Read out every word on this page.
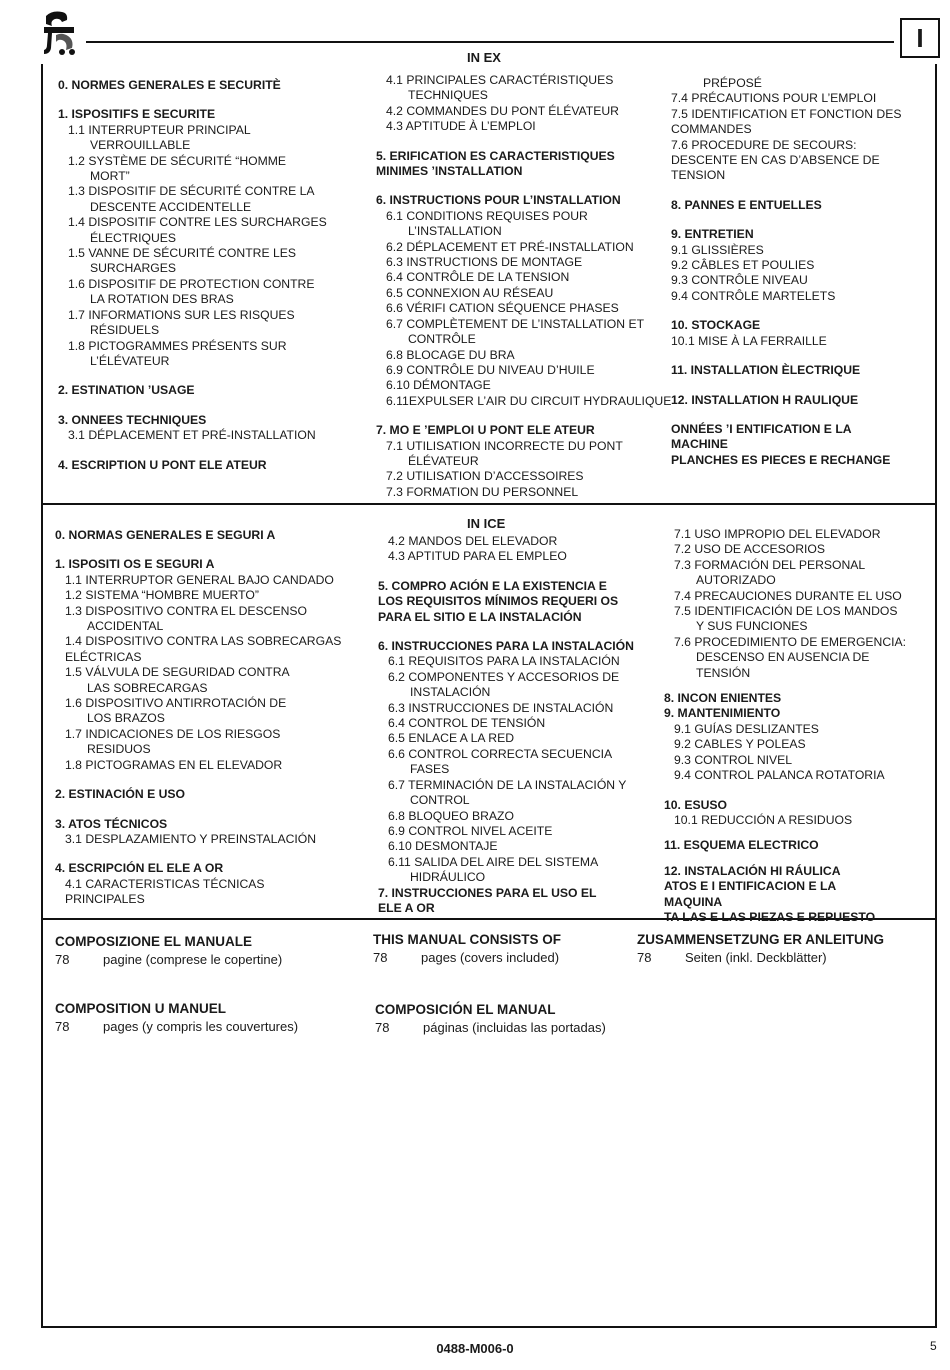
I
IN EX
0. NORMES GENERALES E SECURITÈ
1. ISPOSITIFS E SECURITE
1.1 INTERRUPTEUR PRINCIPAL
VERROUILLABLE
1.2 SYSTÈME DE SÉCURITÉ “HOMME
MORT”
1.3 DISPOSITIF DE SÉCURITÉ CONTRE LA
DESCENTE ACCIDENTELLE
1.4 DISPOSITIF CONTRE LES SURCHARGES
ÉLECTRIQUES
1.5 VANNE DE SÉCURITÉ CONTRE LES
SURCHARGES
1.6 DISPOSITIF DE PROTECTION CONTRE
LA ROTATION DES BRAS
1.7 INFORMATIONS SUR LES RISQUES
RÉSIDUELS
1.8 PICTOGRAMMES PRÉSENTS SUR
L’ÉLÉVATEUR
2. ESTINATION ’USAGE
3. ONNEES TECHNIQUES
3.1 DÉPLACEMENT ET PRÉ-INSTALLATION
4. ESCRIPTION U PONT ELE ATEUR
4.1 PRINCIPALES CARACTÉRISTIQUES
TECHNIQUES
4.2 COMMANDES DU PONT ÉLÉVATEUR
4.3 APTITUDE À L’EMPLOI
5. ERIFICATION ES CARACTERISTIQUES
MINIMES ’INSTALLATION
6. INSTRUCTIONS POUR L’INSTALLATION
6.1 CONDITIONS REQUISES POUR
L’INSTALLATION
6.2 DÉPLACEMENT ET PRÉ-INSTALLATION
6.3 INSTRUCTIONS DE MONTAGE
6.4 CONTRÔLE DE LA TENSION
6.5 CONNEXION AU RÉSEAU
6.6 VÉRIFI CATION SÉQUENCE PHASES
6.7 COMPLÈTEMENT DE L’INSTALLATION ET
CONTRÔLE
6.8 BLOCAGE DU BRA
6.9 CONTRÔLE DU NIVEAU D’HUILE
6.10 DÉMONTAGE
6.11EXPULSER L’AIR DU CIRCUIT HYDRAULIQUE
7. MO E ’EMPLOI U PONT ELE ATEUR
7.1 UTILISATION INCORRECTE DU PONT
ÉLÉVATEUR
7.2 UTILISATION D’ACCESSOIRES
7.3 FORMATION DU PERSONNEL
PRÉPOSÉ
7.4 PRÉCAUTIONS POUR L’EMPLOI
7.5 IDENTIFICATION ET FONCTION DES
COMMANDES
7.6 PROCEDURE DE SECOURS:
DESCENTE EN CAS D’ABSENCE DE
TENSION
8. PANNES E ENTUELLES
9. ENTRETIEN
9.1 GLISSIÈRES
9.2 CÂBLES ET POULIES
9.3 CONTRÔLE NIVEAU
9.4 CONTRÔLE MARTELETS
10. STOCKAGE
10.1 MISE À LA FERRAILLE
11. INSTALLATION ÈLECTRIQUE
12. INSTALLATION H RAULIQUE
ONNÉES ’I ENTIFICATION E LA
MACHINE
PLANCHES ES PIECES E RECHANGE
IN ICE
0. NORMAS GENERALES E SEGURI A
1. ISPOSITI OS E SEGURI A
1.1 INTERRUPTOR GENERAL BAJO CANDADO
1.2 SISTEMA “HOMBRE MUERTO”
1.3 DISPOSITIVO CONTRA EL DESCENSO
ACCIDENTAL
1.4 DISPOSITIVO CONTRA LAS SOBRECARGAS
ELÉCTRICAS
1.5 VÁLVULA DE SEGURIDAD CONTRA
LAS SOBRECARGAS
1.6 DISPOSITIVO ANTIRROTACIÓN DE
LOS BRAZOS
1.7 INDICACIONES DE LOS RIESGOS
RESIDUOS
1.8 PICTOGRAMAS EN EL ELEVADOR
2. ESTINACIÓN E USO
3. ATOS TÉCNICOS
3.1 DESPLAZAMIENTO Y PREINSTALACIÓN
4. ESCRIPCIÓN EL ELE A OR
4.1 CARACTERISTICAS TÉCNICAS
PRINCIPALES
4.2 MANDOS DEL ELEVADOR
4.3 APTITUD PARA EL EMPLEO
5. COMPRO ACIÓN E LA EXISTENCIA E
LOS REQUISITOS MÍNIMOS REQUERI OS
PARA EL SITIO E LA INSTALACIÓN
6. INSTRUCCIONES PARA LA INSTALACIÓN
6.1 REQUISITOS PARA LA INSTALACIÓN
6.2 COMPONENTES Y ACCESORIOS DE
INSTALACIÓN
6.3 INSTRUCCIONES DE INSTALACIÓN
6.4 CONTROL DE TENSIÓN
6.5 ENLACE A LA RED
6.6 CONTROL CORRECTA SECUENCIA
FASES
6.7 TERMINACIÓN DE LA INSTALACIÓN Y
CONTROL
6.8 BLOQUEO BRAZO
6.9 CONTROL NIVEL ACEITE
6.10 DESMONTAJE
6.11 SALIDA DEL AIRE DEL SISTEMA
HIDRÁULICO
7. INSTRUCCIONES PARA EL USO EL
ELE A OR
7.1 USO IMPROPIO DEL ELEVADOR
7.2 USO DE ACCESORIOS
7.3 FORMACIÓN DEL PERSONAL
AUTORIZADO
7.4 PRECAUCIONES DURANTE EL USO
7.5 IDENTIFICACIÓN DE LOS MANDOS
Y SUS FUNCIONES
7.6 PROCEDIMIENTO DE EMERGENCIA:
DESCENSO EN AUSENCIA DE
TENSIÓN
8. INCON ENIENTES
9. MANTENIMIENTO
9.1 GUÍAS DESLIZANTES
9.2 CABLES Y POLEAS
9.3 CONTROL NIVEL
9.4 CONTROL PALANCA ROTATORIA
10. ESUSO
10.1 REDUCCIÓN A RESIDUOS
11. ESQUEMA ELECTRICO
12. INSTALACIÓN HI RÁULICA
ATOS E I ENTIFICACION E LA
MAQUINA
TA LAS E LAS PIEZAS E REPUESTO
COMPOSIZIONE EL MANUALE
78	pagine (comprese le copertine)
THIS MANUAL CONSISTS OF
78	pages (covers included)
ZUSAMMENSETZUNG ER ANLEITUNG
78	Seiten (inkl. Deckblätter)
COMPOSITION U MANUEL
78	pages (y compris les couvertures)
COMPOSICIÓN EL MANUAL
78	páginas (incluidas las portadas)
0488-M006-0	5
